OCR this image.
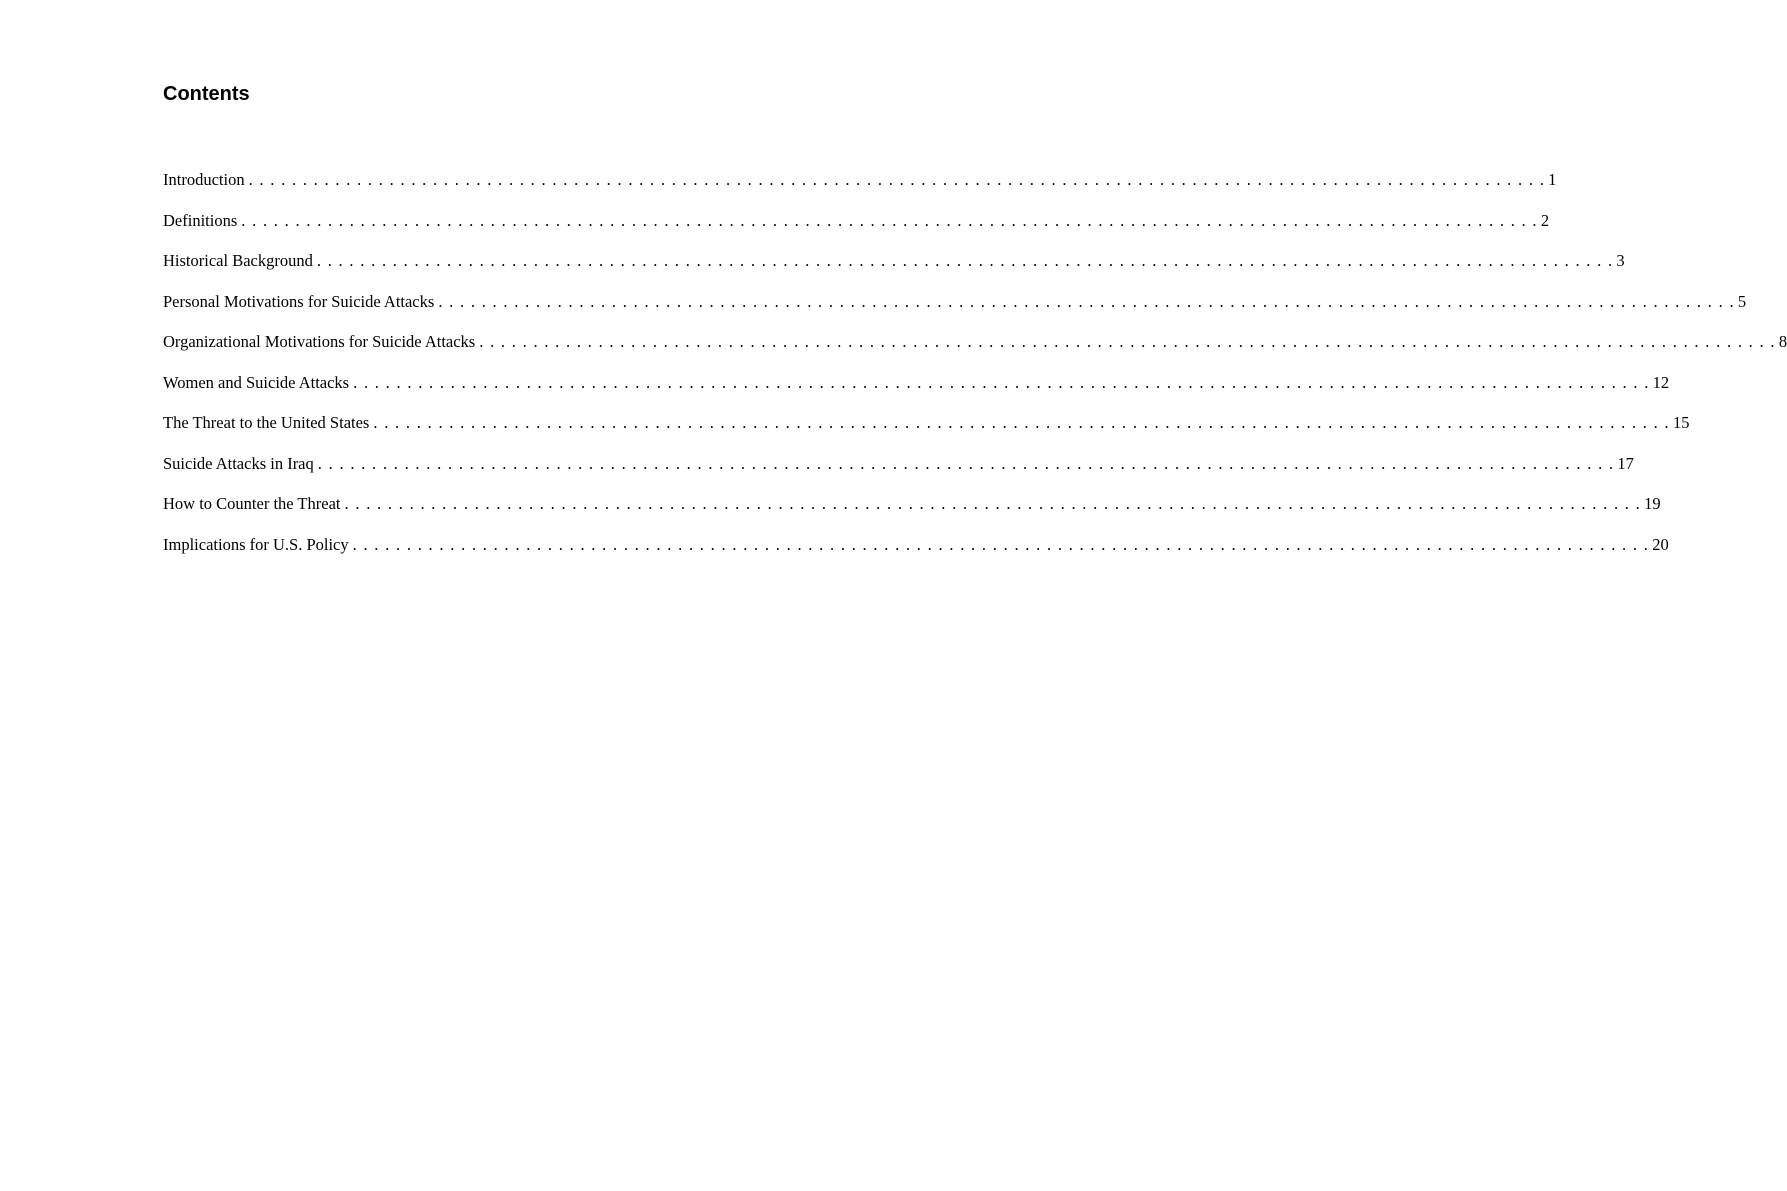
Contents
Introduction . . . . . . . . . . . . . . . . . . . . . . . . . . . . . . . . . . . . . . . . . . . . . . . . . . . . . . . . . . . . . . . . . . . . . . . . . . . . . . . . . . . . . . . . . . . . . . . . . . . . . . . . . . . . . . . . . . . . . . . . 1
Definitions . . . . . . . . . . . . . . . . . . . . . . . . . . . . . . . . . . . . . . . . . . . . . . . . . . . . . . . . . . . . . . . . . . . . . . . . . . . . . . . . . . . . . . . . . . . . . . . . . . . . . . . . . . . . . . . . . . . . . . . . 2
Historical Background . . . . . . . . . . . . . . . . . . . . . . . . . . . . . . . . . . . . . . . . . . . . . . . . . . . . . . . . . . . . . . . . . . . . . . . . . . . . . . . . . . . . . . . . . . . . . . . . . . . . . . . . . . . . . . . . . . . . . . . . 3
Personal Motivations for Suicide Attacks . . . . . . . . . . . . . . . . . . . . . . . . . . . . . . . . . . . . . . . . . . . . . . . . . . . . . . . . . . . . . . . . . . . . . . . . . . . . . . . . . . . . . . . . . . . . . . . . . . . . . . . . . . . . . . . . . . . . . . . . 5
Organizational Motivations for Suicide Attacks . . . . . . . . . . . . . . . . . . . . . . . . . . . . . . . . . . . . . . . . . . . . . . . . . . . . . . . . . . . . . . . . . . . . . . . . . . . . . . . . . . . . . . . . . . . . . . . . . . . . . . . . . . . . . . . . . . . . . . . . 8
Women and Suicide Attacks . . . . . . . . . . . . . . . . . . . . . . . . . . . . . . . . . . . . . . . . . . . . . . . . . . . . . . . . . . . . . . . . . . . . . . . . . . . . . . . . . . . . . . . . . . . . . . . . . . . . . . . . . . . . . . . . . . . . . . . . 12
The Threat to the United States . . . . . . . . . . . . . . . . . . . . . . . . . . . . . . . . . . . . . . . . . . . . . . . . . . . . . . . . . . . . . . . . . . . . . . . . . . . . . . . . . . . . . . . . . . . . . . . . . . . . . . . . . . . . . . . . . . . . . . . . 15
Suicide Attacks in Iraq . . . . . . . . . . . . . . . . . . . . . . . . . . . . . . . . . . . . . . . . . . . . . . . . . . . . . . . . . . . . . . . . . . . . . . . . . . . . . . . . . . . . . . . . . . . . . . . . . . . . . . . . . . . . . . . . . . . . . . . . 17
How to Counter the Threat . . . . . . . . . . . . . . . . . . . . . . . . . . . . . . . . . . . . . . . . . . . . . . . . . . . . . . . . . . . . . . . . . . . . . . . . . . . . . . . . . . . . . . . . . . . . . . . . . . . . . . . . . . . . . . . . . . . . . . . . 19
Implications for U.S. Policy . . . . . . . . . . . . . . . . . . . . . . . . . . . . . . . . . . . . . . . . . . . . . . . . . . . . . . . . . . . . . . . . . . . . . . . . . . . . . . . . . . . . . . . . . . . . . . . . . . . . . . . . . . . . . . . . . . . . . . . . 20
